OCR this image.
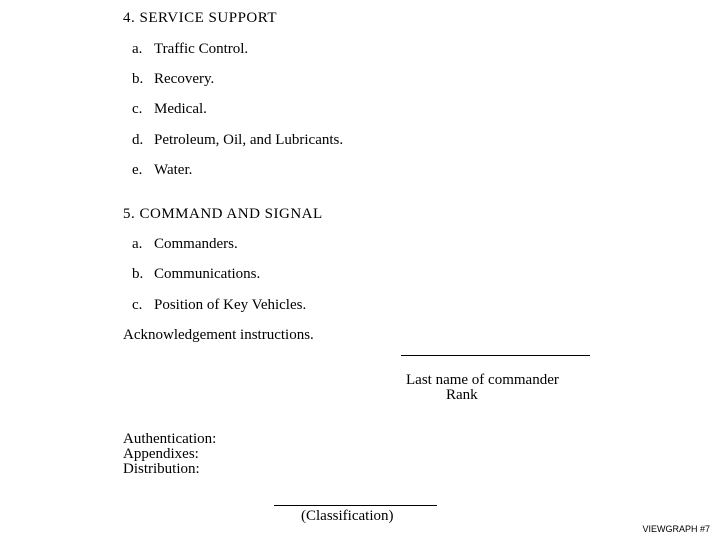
4. SERVICE SUPPORT
a. Traffic Control.
b. Recovery.
c. Medical.
d. Petroleum, Oil, and Lubricants.
e. Water.
5. COMMAND AND SIGNAL
a. Commanders.
b. Communications.
c. Position of Key Vehicles.
Acknowledgement instructions.
Last name of commander
Rank
Authentication:
Appendixes:
Distribution:
(Classification)
VIEWGRAPH #7
